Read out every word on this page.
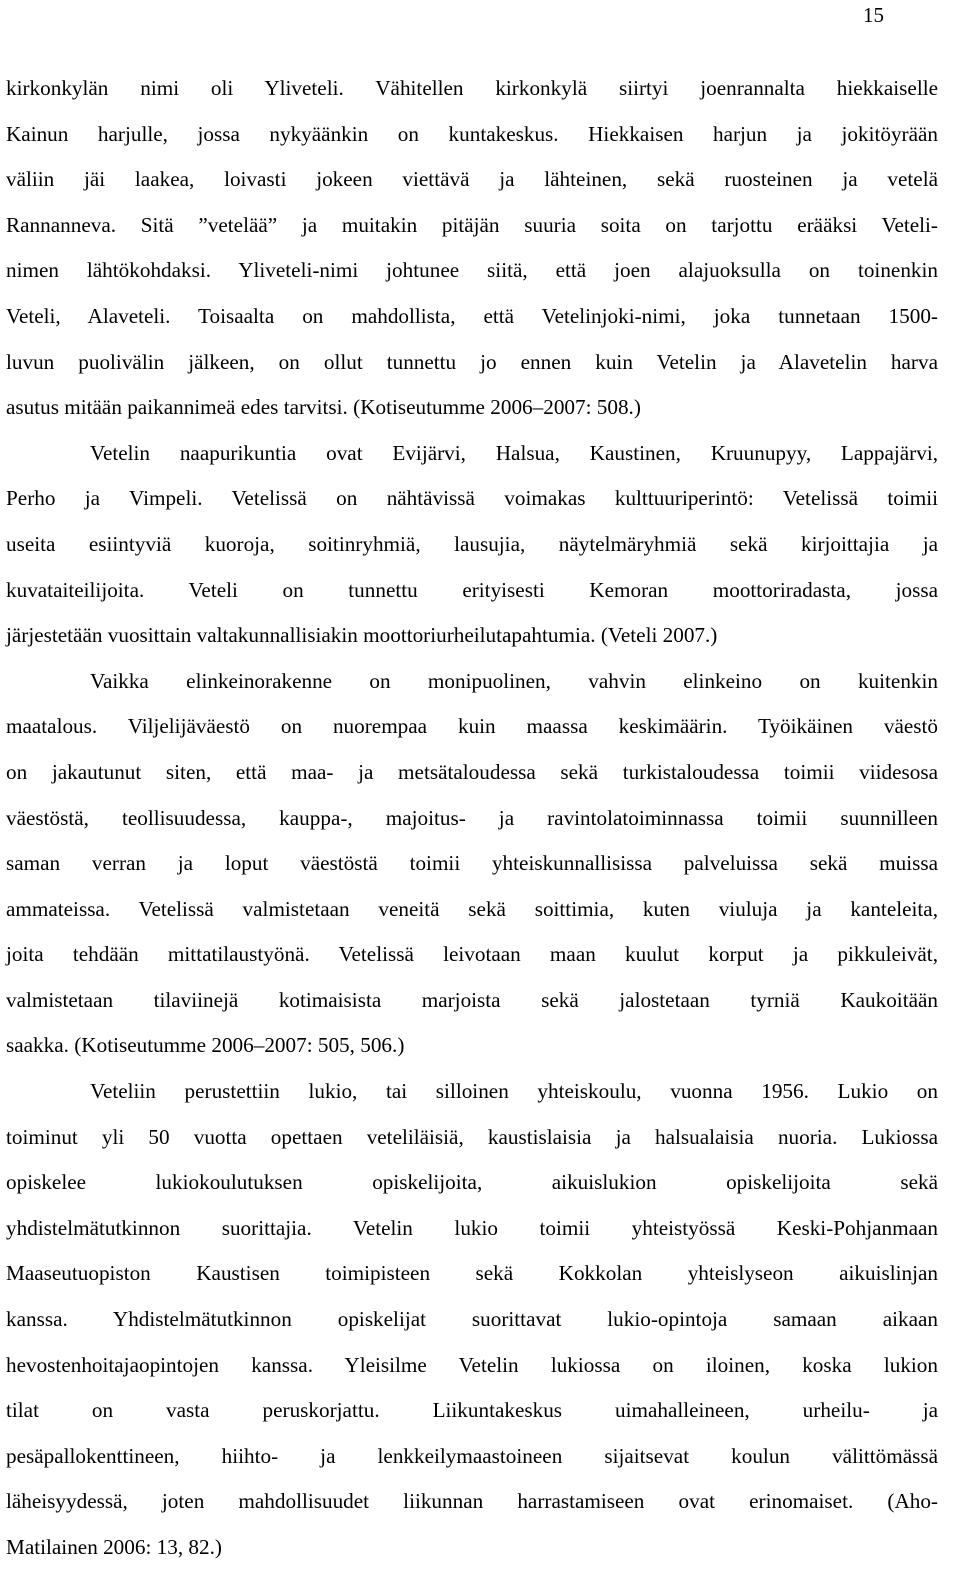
15
kirkonkylän nimi oli Yliveteli. Vähitellen kirkonkylä siirtyi joenrannalta hiekkaiselle
Kainun harjulle, jossa nykyäänkin on kuntakeskus. Hiekkaisen harjun ja jokitöyrään
väliin jäi laakea, loivasti jokeen viettävä ja lähteinen, sekä ruosteinen ja vetelä
Rannanneva. Sitä ”vetelää” ja muitakin pitäjän suuria soita on tarjottu erääksi Veteli-
nimen lähtökohdaksi. Yliveteli-nimi johtunee siitä, että joen alajuoksulla on toinenkin
Veteli, Alaveteli. Toisaalta on mahdollista, että Vetelinjoki-nimi, joka tunnetaan 1500-
luvun puolivälin jälkeen, on ollut tunnettu jo ennen kuin Vetelin ja Alavetelin harva
asutus mitään paikannimeä edes tarvitsi. (Kotiseutumme 2006–2007: 508.)
Vetelin naapurikuntia ovat Evijärvi, Halsua, Kaustinen, Kruunupyy, Lappajärvi,
Perho ja Vimpeli. Vetelissä on nähtävissä voimakas kulttuuriperintö: Vetelissä toimii
useita esiintyviä kuoroja, soitinryhmiä, lausujia, näytelmäryhmiä sekä kirjoittajia ja
kuvataiteilijoita. Veteli on tunnettu erityisesti Kemoran moottoriradasta, jossa
järjestetään vuosittain valtakunnallisiakin moottoriurheilutapahtumia. (Veteli 2007.)
Vaikka elinkeinorakenne on monipuolinen, vahvin elinkeino on kuitenkin
maatalous. Viljelijäväestö on nuorempaa kuin maassa keskimäärin. Työikäinen väestö
on jakautunut siten, että maa- ja metsätaloudessa sekä turkistaloudessa toimii viidesosa
väestöstä, teollisuudessa, kauppa-, majoitus- ja ravintolatoiminnassa toimii suunnilleen
saman verran ja loput väestöstä toimii yhteiskunnallisissa palveluissa sekä muissa
ammateissa. Vetelissä valmistetaan veneitä sekä soittimia, kuten viuluja ja kanteleita,
joita tehdään mittatilaustyönä. Vetelissä leivotaan maan kuulut korput ja pikkuleivät,
valmistetaan tilaviinejä kotimaisista marjoista sekä jalostetaan tyrniä Kaukoitään
saakka. (Kotiseutumme 2006–2007: 505, 506.)
Veteliin perustettiin lukio, tai silloinen yhteiskoulu, vuonna 1956. Lukio on
toiminut yli 50 vuotta opettaen veteliläisiä, kaustislaisia ja halsualaisia nuoria. Lukiossa
opiskelee lukiokoulutuksen opiskelijoita, aikuislukion opiskelijoita sekä
yhdistelmätutkinnon suorittajia. Vetelin lukio toimii yhteistyössä Keski-Pohjanmaan
Maaseutuopiston Kaustisen toimipisteen sekä Kokkolan yhteislyseon aikuislinjan
kanssa. Yhdistelmätutkinnon opiskelijat suorittavat lukio-opintoja samaan aikaan
hevostenhoitajaopintojen kanssa. Yleisilme Vetelin lukiossa on iloinen, koska lukion
tilat on vasta peruskorjattu. Liikuntakeskus uimahalleineen, urheilu- ja
pesäpallokenttineen, hiihto- ja lenkkeilymaastoineen sijaitsevat koulun välittömässä
läheisyydessä, joten mahdollisuudet liikunnan harrastamiseen ovat erinomaiset. (Aho-
Matilainen 2006: 13, 82.)
